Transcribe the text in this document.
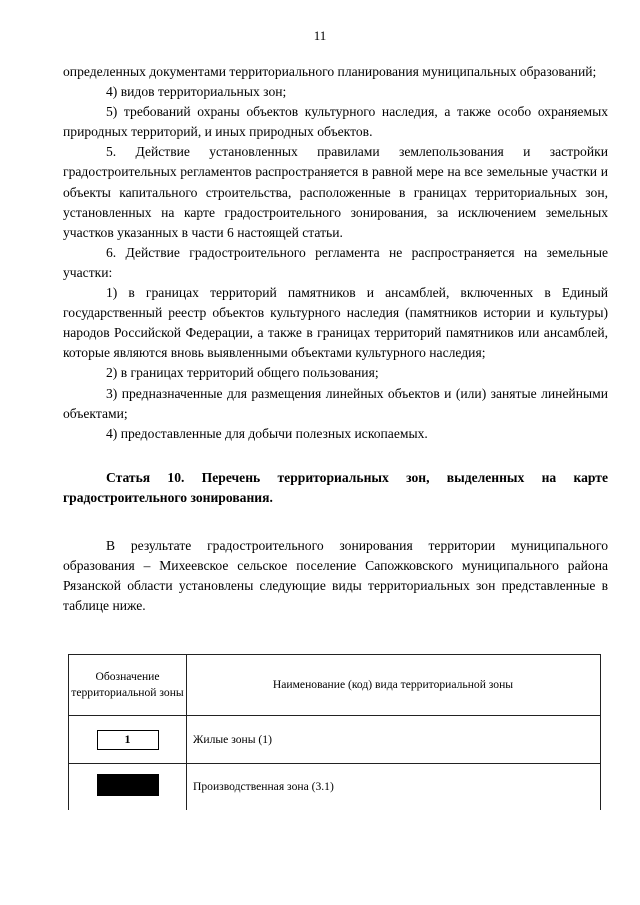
11

определенных документами территориального планирования муниципальных образований;

4) видов территориальных зон;

5) требований охраны объектов культурного наследия, а также особо охраняемых природных территорий, и иных природных объектов.

5. Действие установленных правилами землепользования и застройки градостроительных регламентов распространяется в равной мере на все земельные участки и объекты капитального строительства, расположенные в границах территориальных зон, установленных на карте градостроительного зонирования, за исключением земельных участков указанных в части 6 настоящей статьи.

6. Действие градостроительного регламента не распространяется на земельные участки:

1) в границах территорий памятников и ансамблей, включенных в Единый государственный реестр объектов культурного наследия (памятников истории и культуры) народов Российской Федерации, а также в границах территорий памятников или ансамблей, которые являются вновь выявленными объектами культурного наследия;

2) в границах территорий общего пользования;

3) предназначенные для размещения линейных объектов и (или) занятые линейными объектами;

4) предоставленные для добычи полезных ископаемых.

Статья 10. Перечень территориальных зон, выделенных на карте градостроительного зонирования.

В результате градостроительного зонирования территории муниципального образования – Михеевское сельское поселение Сапожковского муниципального района Рязанской области установлены следующие виды территориальных зон представленные в таблице ниже.

Обозначение территориальной зоны	Наименование (код) вида территориальной зоны
1	Жилые зоны (1)
	Производственная зона (3.1)
